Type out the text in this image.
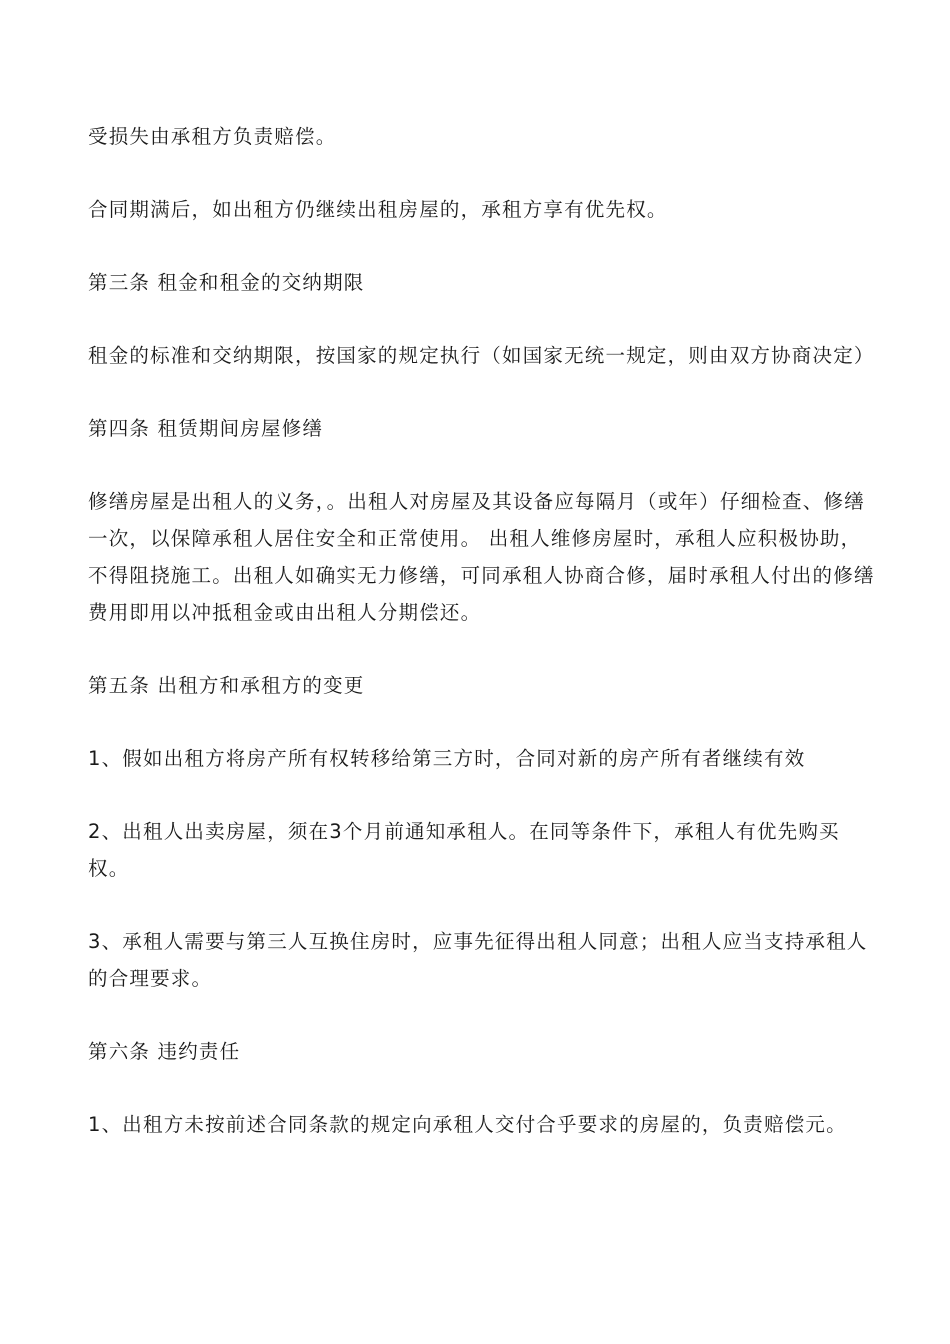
受损失由承租方负责赔偿。

合同期满后，如出租方仍继续出租房屋的，承租方享有优先权。

第三条 租金和租金的交纳期限

租金的标准和交纳期限，按国家的规定执行（如国家无统一规定，则由双方协商决定）

第四条 租赁期间房屋修缮

修缮房屋是出租人的义务，。出租人对房屋及其设备应每隔月（或年）仔细检查、修缮一次，以保障承租人居住安全和正常使用。 出租人维修房屋时，承租人应积极协助，不得阻挠施工。出租人如确实无力修缮，可同承租人协商合修，届时承租人付出的修缮费用即用以冲抵租金或由出租人分期偿还。

第五条 出租方和承租方的变更

1、假如出租方将房产所有权转移给第三方时，合同对新的房产所有者继续有效

2、出租人出卖房屋，须在3个月前通知承租人。在同等条件下，承租人有优先购买权。

3、承租人需要与第三人互换住房时，应事先征得出租人同意；出租人应当支持承租人的合理要求。

第六条 违约责任

1、出租方未按前述合同条款的规定向承租人交付合乎要求的房屋的，负责赔偿元。
